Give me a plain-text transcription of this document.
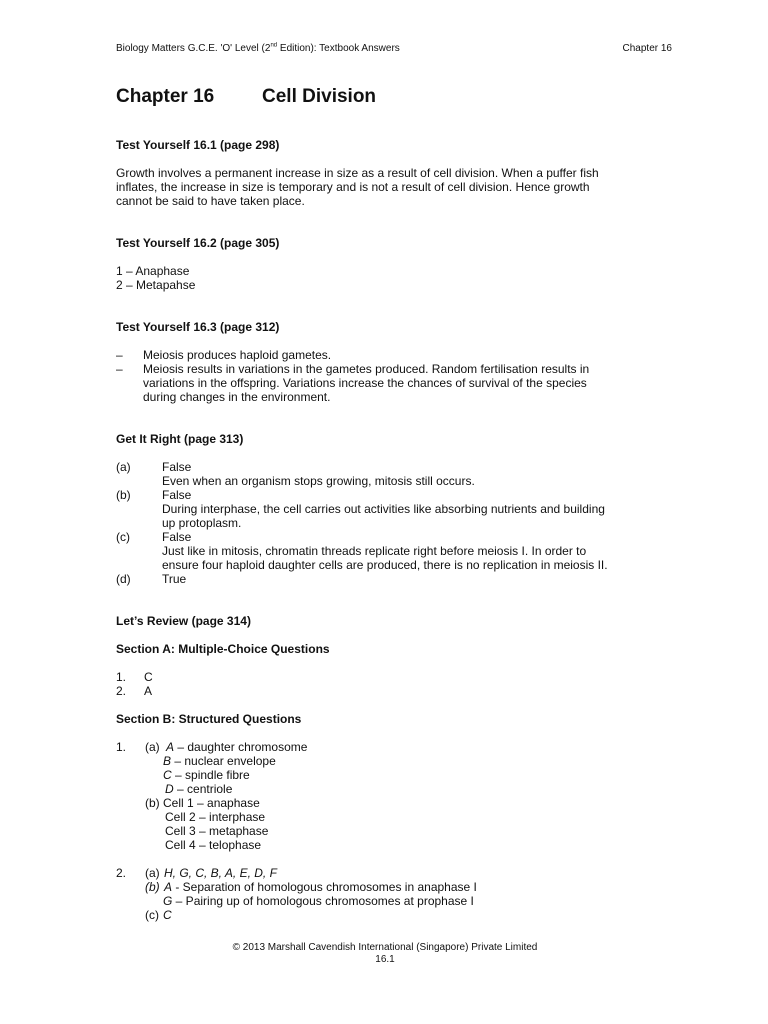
Biology Matters G.C.E. 'O' Level (2nd Edition): Textbook Answers	Chapter 16
Chapter 16	Cell Division
Test Yourself 16.1 (page 298)
Growth involves a permanent increase in size as a result of cell division. When a puffer fish
inflates, the increase in size is temporary and is not a result of cell division. Hence growth
cannot be said to have taken place.
Test Yourself 16.2 (page 305)
1 – Anaphase
2 – Metapahse
Test Yourself 16.3 (page 312)
– Meiosis produces haploid gametes.
– Meiosis results in variations in the gametes produced. Random fertilisation results in
variations in the offspring. Variations increase the chances of survival of the species
during changes in the environment.
Get It Right (page 313)
(a)	False
Even when an organism stops growing, mitosis still occurs.
(b)	False
During interphase, the cell carries out activities like absorbing nutrients and building
up protoplasm.
(c)	False
Just like in mitosis, chromatin threads replicate right before meiosis I. In order to
ensure four haploid daughter cells are produced, there is no replication in meiosis II.
(d)	True
Let’s Review (page 314)
Section A: Multiple-Choice Questions
1. C
2. A
Section B: Structured Questions
1. (a) A – daughter chromosome
B – nuclear envelope
C – spindle fibre
D – centriole
(b) Cell 1 – anaphase
Cell 2 – interphase
Cell 3 – metaphase
Cell 4 – telophase
2. (a) H, G, C, B, A, E, D, F
(b) A - Separation of homologous chromosomes in anaphase I
G – Pairing up of homologous chromosomes at prophase I
(c) C
© 2013 Marshall Cavendish International (Singapore) Private Limited
16.1
